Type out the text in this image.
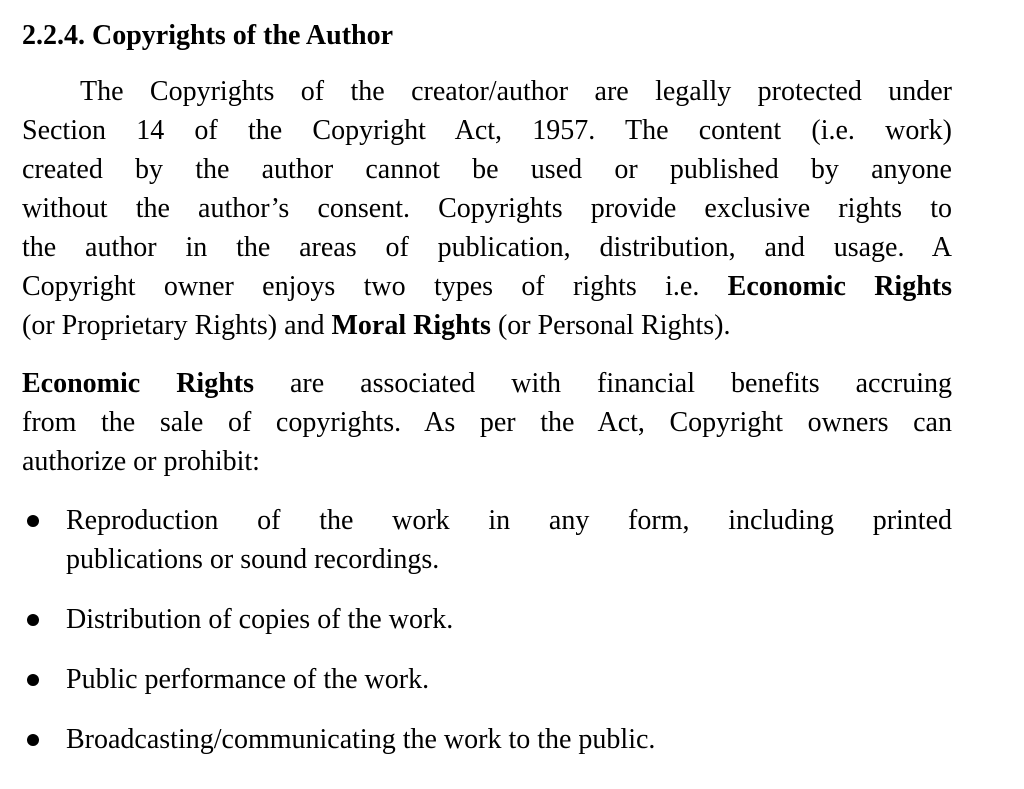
2.2.4. Copyrights of the Author
The Copyrights of the creator/author are legally protected under
Section 14 of the Copyright Act, 1957. The content (i.e. work)
created by the author cannot be used or published by anyone
without the author’s consent. Copyrights provide exclusive rights to
the author in the areas of publication, distribution, and usage. A
Copyright owner enjoys two types of rights i.e. Economic Rights
(or Proprietary Rights) and Moral Rights (or Personal Rights).
Economic Rights are associated with financial benefits accruing
from the sale of copyrights. As per the Act, Copyright owners can
authorize or prohibit:
Reproduction of the work in any form, including printed
publications or sound recordings.
Distribution of copies of the work.
Public performance of the work.
Broadcasting/communicating the work to the public.
